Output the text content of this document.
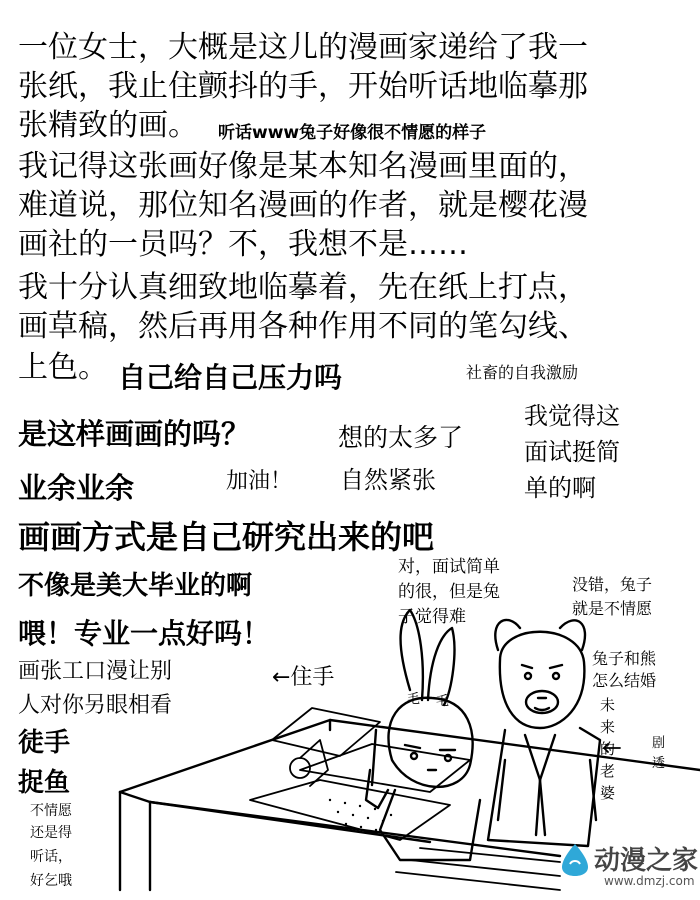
一位女士，大概是这儿的漫画家递给了我一
张纸，我止住颤抖的手，开始听话地临摹那
张精致的画。
我记得这张画好像是某本知名漫画里面的，
难道说，那位知名漫画的作者，就是樱花漫
画社的一员吗？不，我想不是……
我十分认真细致地临摹着，先在纸上打点，
画草稿，然后再用各种作用不同的笔勾线、
上色。
听话www兔子好像很不情愿的样子
自己给自己压力吗	社畜的自我激励
是这样画画的吗？	想的太多了
我觉得这
面试挺简
单的啊
业余业余	加油！ 自然紧张
画画方式是自己研究出来的吧
不像是美大毕业的啊
对，面试简单
的很，但是兔
子觉得难
没错，兔子
就是不情愿
喂！专业一点好吗！
画张工口漫让别
人对你另眼相看
←住手
兔子和熊
怎么结婚
徒手
捉鱼
未
来
的
老
婆
剧
透
不情愿
还是得
听话，
好乞哦
毛 毛
动漫之家
www.dmzj.com
